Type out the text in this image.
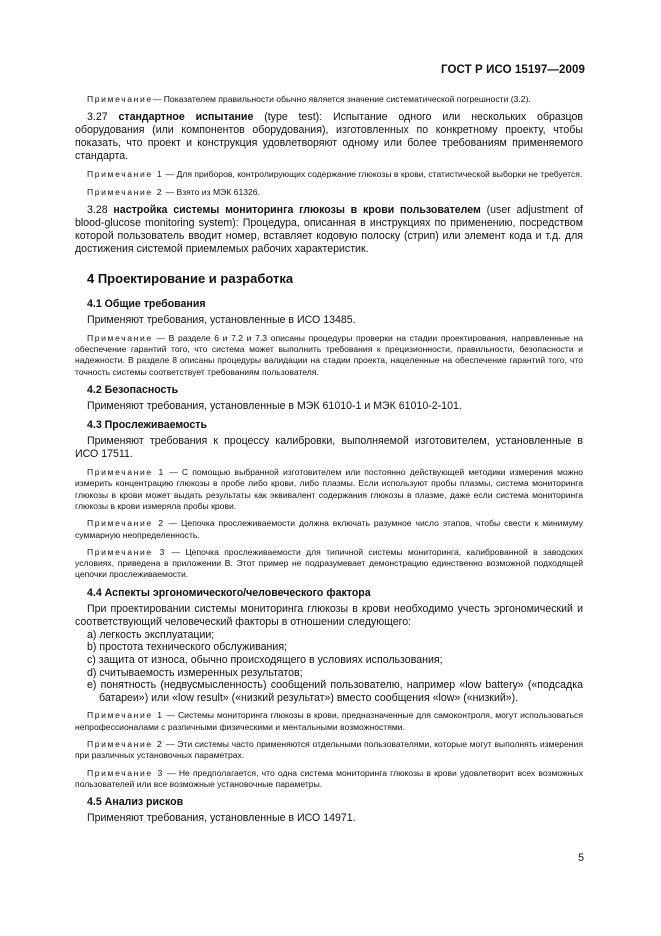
ГОСТ Р ИСО 15197—2009

Примечание— Показателем правильности обычно является значение систематической погрешности (3.2).

3.27 стандартное испытание (type test): Испытание одного или нескольких образцов оборудования (или компонентов оборудования), изготовленных по конкретному проекту, чтобы показать, что проект и конструкция удовлетворяют одному или более требованиям применяемого стандарта.

Примечание 1 — Для приборов, контролирующих содержание глюкозы в крови, статистической выборки не требуется.

Примечание 2 — Взято из МЭК 61326.

3.28 настройка системы мониторинга глюкозы в крови пользователем (user adjustment of blood-glucose monitoring system): Процедура, описанная в инструкциях по применению, посредством которой пользователь вводит номер, вставляет кодовую полоску (стрип) или элемент кода и т.д. для достижения системой приемлемых рабочих характеристик.

4 Проектирование и разработка
4.1 Общие требования

Применяют требования, установленные в ИСО 13485.

Примечание — В разделе 6 и 7.2 и 7.3 описаны процедуры проверки на стадии проектирования, направленные на обеспечение гарантий того, что система может выполнить требования к прецизионности, правильности, безопасности и надежности. В разделе 8 описаны процедуры валидации на стадии проекта, нацеленные на обеспечение гарантий того, что точность системы соответствует требованиям пользователя.

4.2 Безопасность

Применяют требования, установленные в МЭК 61010-1 и МЭК 61010-2-101.

4.3 Прослеживаемость

Применяют требования к процессу калибровки, выполняемой изготовителем, установленные в ИСО 17511.

Примечание 1 — С помощью выбранной изготовителем или постоянно действующей методики измерения можно измерить концентрацию глюкозы в пробе либо крови, либо плазмы. Если используют пробы плазмы, система мониторинга глюкозы в крови может выдать результаты как эквивалент содержания глюкозы в плазме, даже если система мониторинга глюкозы в крови измеряла пробы крови.

Примечание 2 — Цепочка прослеживаемости должна включать разумное число этапов, чтобы свести к минимуму суммарную неопределенность.

Примечание 3 — Цепочка прослеживаемости для типичной системы мониторинга, калиброванной в заводских условиях, приведена в приложении В. Этот пример не подразумевает демонстрацию единственно возможной подходящей цепочки прослеживаемости.

4.4 Аспекты эргономического/человеческого фактора

При проектировании системы мониторинга глюкозы в крови необходимо учесть эргономический и соответствующий человеческий факторы в отношении следующего:

а) легкость эксплуатации;

b) простота технического обслуживания;

c) защита от износа, обычно происходящего в условиях использования;

d) считываемость измеренных результатов;

е) понятность (недвусмысленность) сообщений пользователю, например «low battery» («подсадка батареи») или «low result» («низкий результат») вместо сообщения «low» («низкий»).

Примечание 1 — Системы мониторинга глюкозы в крови, предназначенные для самоконтроля, могут использоваться непрофессионалами с различными физическими и ментальными возможностями.

Примечание 2 — Эти системы часто применяются отдельными пользователями, которые могут выполнять измерения при различных установочных параметрах.

Примечание 3 — Не предполагается, что одна система мониторинга глюкозы в крови удовлетворит всех возможных пользователей или все возможные установочные параметры.

4.5 Анализ рисков

Применяют требования, установленные в ИСО 14971.

5
